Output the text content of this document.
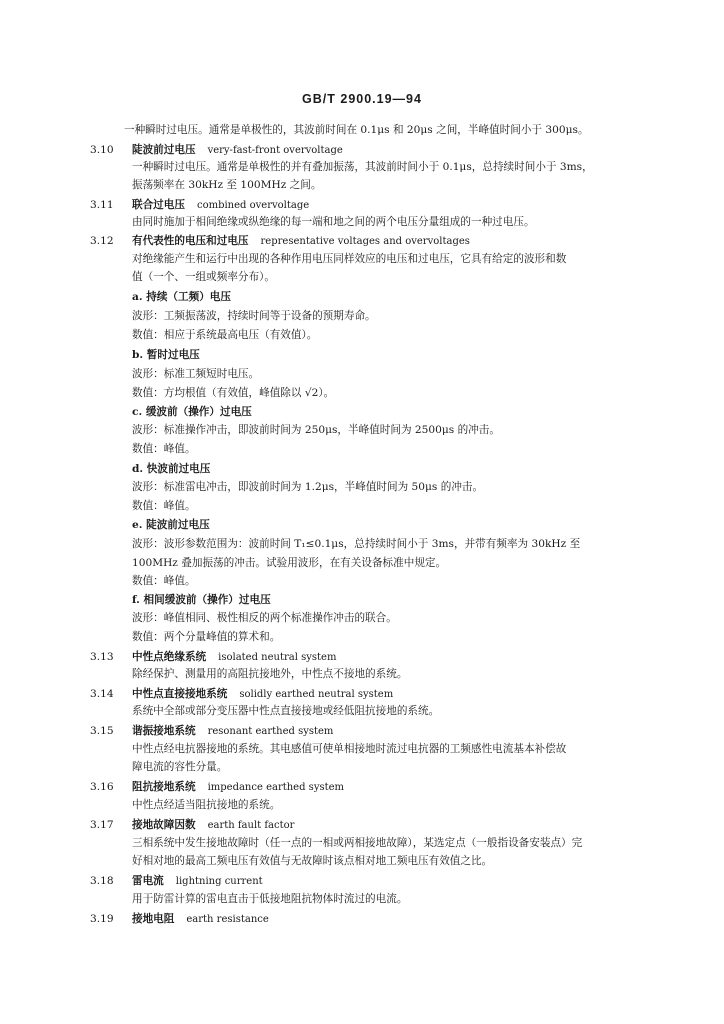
GB/T 2900.19—94
一种瞬时过电压。通常是单极性的，其波前时间在 0.1μs 和 20μs 之间，半峰值时间小于 300μs。
3.10 陡波前过电压 very-fast-front overvoltage
一种瞬时过电压。通常是单极性的并有叠加振荡，其波前时间小于 0.1μs，总持续时间小于 3ms，
振荡频率在 30kHz 至 100MHz 之间。
3.11 联合过电压 combined overvoltage
由同时施加于相间绝缘或纵绝缘的每一端和地之间的两个电压分量组成的一种过电压。
3.12 有代表性的电压和过电压 representative voltages and overvoltages
对绝缘能产生和运行中出现的各种作用电压同样效应的电压和过电压，它具有给定的波形和数
值（一个、一组或频率分布）。
a. 持续（工频）电压
波形：工频振荡波，持续时间等于设备的预期寿命。
数值：相应于系统最高电压（有效值）。
b. 暂时过电压
波形：标准工频短时电压。
数值：方均根值（有效值，峰值除以 √2）。
c. 缓波前（操作）过电压
波形：标准操作冲击，即波前时间为 250μs，半峰值时间为 2500μs 的冲击。
数值：峰值。
d. 快波前过电压
波形：标准雷电冲击，即波前时间为 1.2μs，半峰值时间为 50μs 的冲击。
数值：峰值。
e. 陡波前过电压
波形：波形参数范围为：波前时间 T₁≤0.1μs，总持续时间小于 3ms，并带有频率为 30kHz 至
100MHz 叠加振荡的冲击。试验用波形，在有关设备标准中规定。
数值：峰值。
f. 相间缓波前（操作）过电压
波形：峰值相同、极性相反的两个标准操作冲击的联合。
数值：两个分量峰值的算术和。
3.13 中性点绝缘系统 isolated neutral system
除经保护、测量用的高阻抗接地外，中性点不接地的系统。
3.14 中性点直接接地系统 solidly earthed neutral system
系统中全部或部分变压器中性点直接接地或经低阻抗接地的系统。
3.15 谐振接地系统 resonant earthed system
中性点经电抗器接地的系统。其电感值可使单相接地时流过电抗器的工频感性电流基本补偿故
障电流的容性分量。
3.16 阻抗接地系统 impedance earthed system
中性点经适当阻抗接地的系统。
3.17 接地故障因数 earth fault factor
三相系统中发生接地故障时（任一点的一相或两相接地故障），某选定点（一般指设备安装点）完
好相对地的最高工频电压有效值与无故障时该点相对地工频电压有效值之比。
3.18 雷电流 lightning current
用于防雷计算的雷电直击于低接地阻抗物体时流过的电流。
3.19 接地电阻 earth resistance
